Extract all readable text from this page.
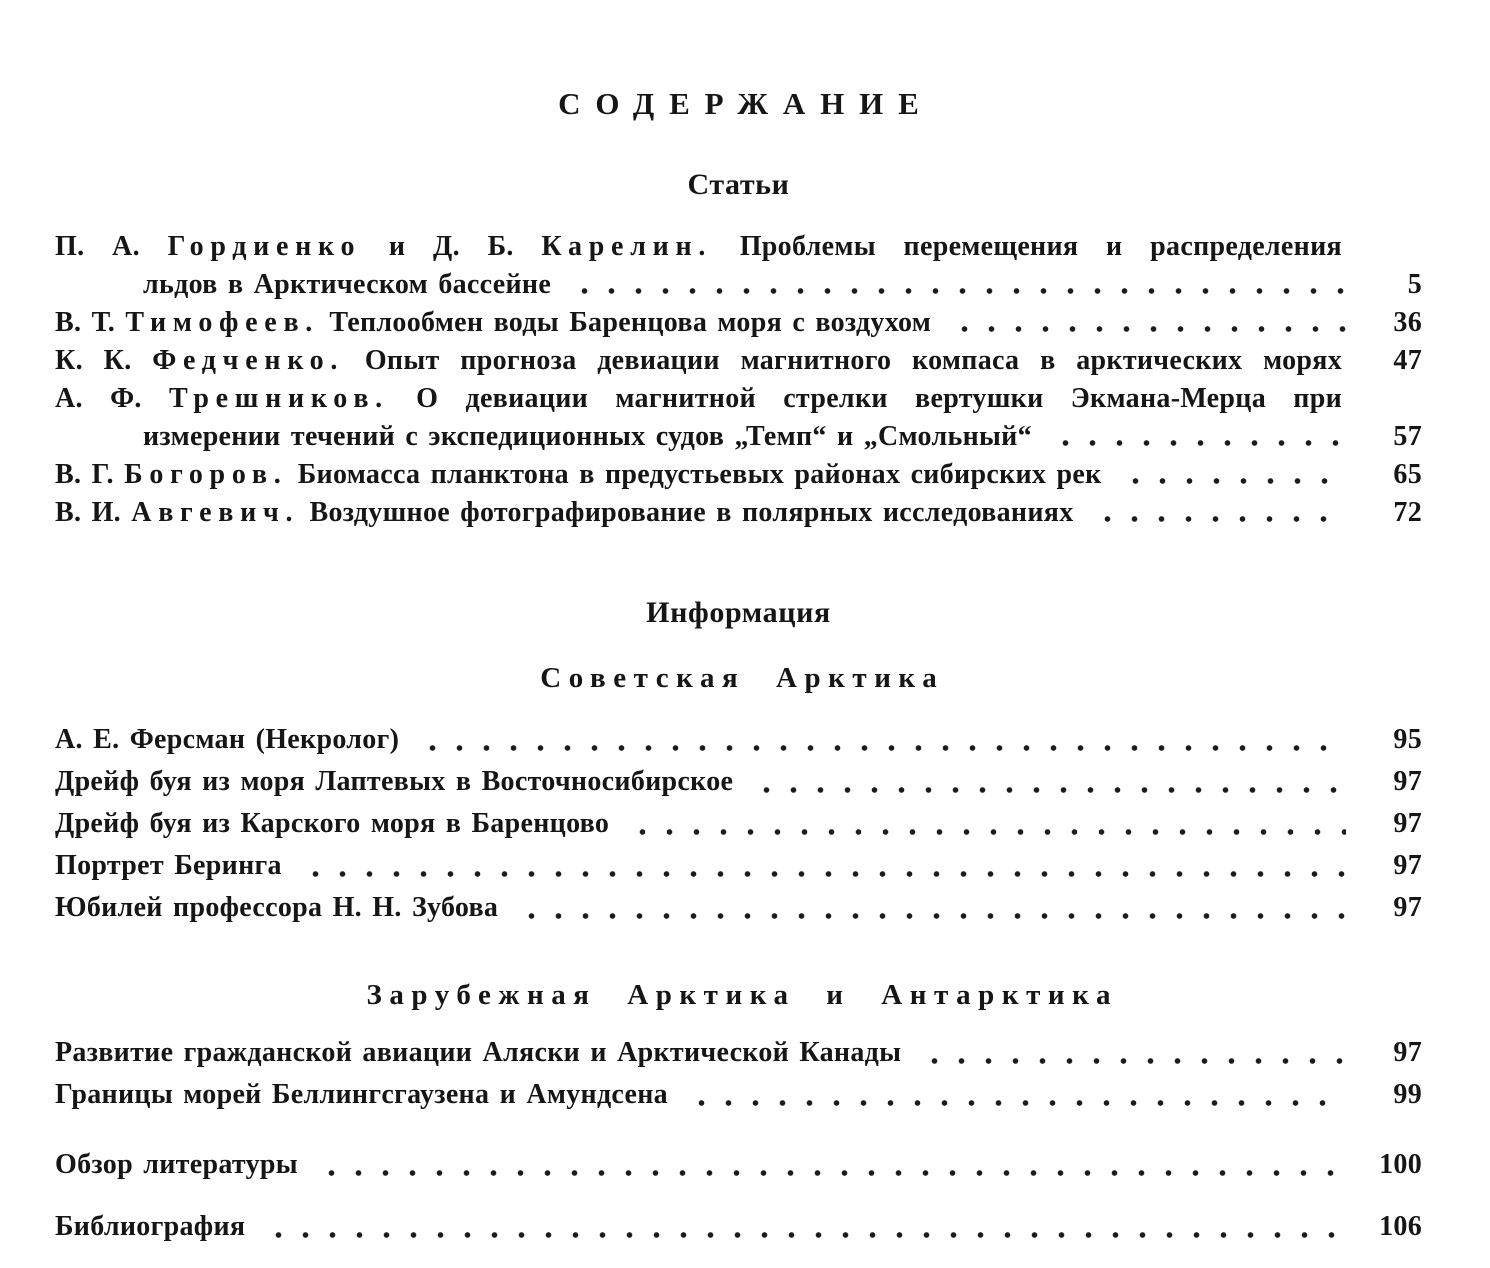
СОДЕРЖАНИЕ
Статьи
П. А. Гордиенко и Д. Б. Карелин. Проблемы перемещения и распределения
льдов в Арктическом бассейне	5
В. Т. Тимофеев. Теплообмен воды Баренцова моря с воздухом	36
К. К. Федченко. Опыт прогноза девиации магнитного компаса в арктических морях	47
А. Ф. Трешников. О девиации магнитной стрелки вертушки Экмана-Мерца при
измерении течений с экспедиционных судов „Темп“ и „Смольный“	57
В. Г. Богоров. Биомасса планктона в предустьевых районах сибирских рек	65
В. И. Авгевич. Воздушное фотографирование в полярных исследованиях	72
Информация
Советская Арктика
А. Е. Ферсман (Некролог)	95
Дрейф буя из моря Лаптевых в Восточносибирское	97
Дрейф буя из Карского моря в Баренцово	97
Портрет Беринга	97
Юбилей профессора Н. Н. Зубова	97
Зарубежная Арктика и Антарктика
Развитие гражданской авиации Аляски и Арктической Канады	97
Границы морей Беллингсгаузена и Амундсена	99
Обзор литературы	100
Библиография	106
